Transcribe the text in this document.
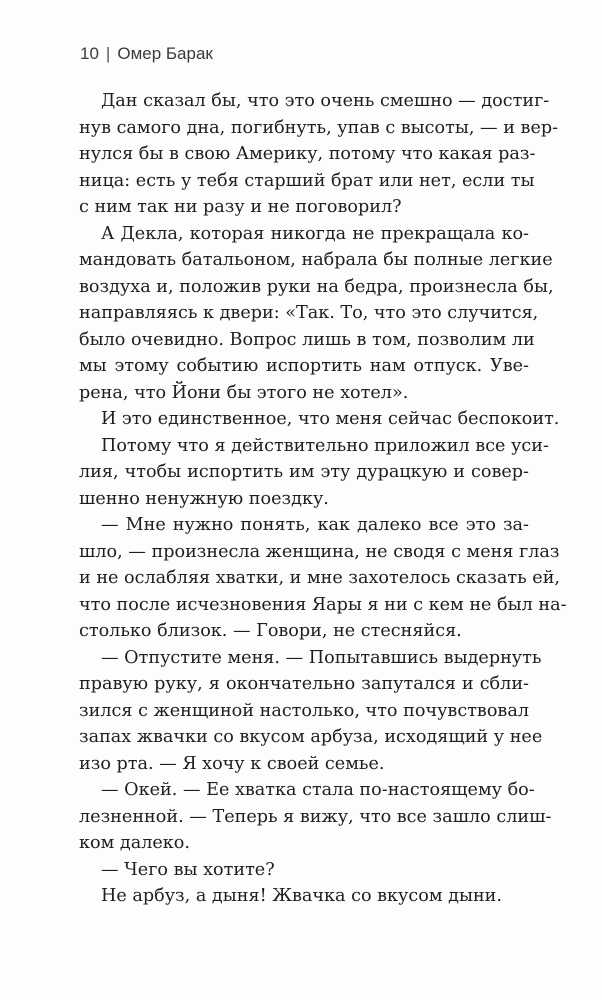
10 | Омер Барак
Дан сказал бы, что это очень смешно — достиг-
нув самого дна, погибнуть, упав с высоты, — и вер-
нулся бы в свою Америку, потому что какая раз-
ница: есть у тебя старший брат или нет, если ты
с ним так ни разу и не поговорил?
А Декла, которая никогда не прекращала ко-
мандовать батальоном, набрала бы полные легкие
воздуха и, положив руки на бедра, произнесла бы,
направляясь к двери: «Так. То, что это случится,
было очевидно. Вопрос лишь в том, позволим ли
мы этому событию испортить нам отпуск. Уве-
рена, что Йони бы этого не хотел».
И это единственное, что меня сейчас беспокоит.
Потому что я действительно приложил все уси-
лия, чтобы испортить им эту дурацкую и совер-
шенно ненужную поездку.
— Мне нужно понять, как далеко все это за-
шло, — произнесла женщина, не сводя с меня глаз
и не ослабляя хватки, и мне захотелось сказать ей,
что после исчезновения Яары я ни с кем не был на-
столько близок. — Говори, не стесняйся.
— Отпустите меня. — Попытавшись выдернуть
правую руку, я окончательно запутался и сбли-
зился с женщиной настолько, что почувствовал
запах жвачки со вкусом арбуза, исходящий у нее
изо рта. — Я хочу к своей семье.
— Окей. — Ее хватка стала по-настоящему бо-
лезненной. — Теперь я вижу, что все зашло слиш-
ком далеко.
— Чего вы хотите?
Не арбуз, а дыня! Жвачка со вкусом дыни.
